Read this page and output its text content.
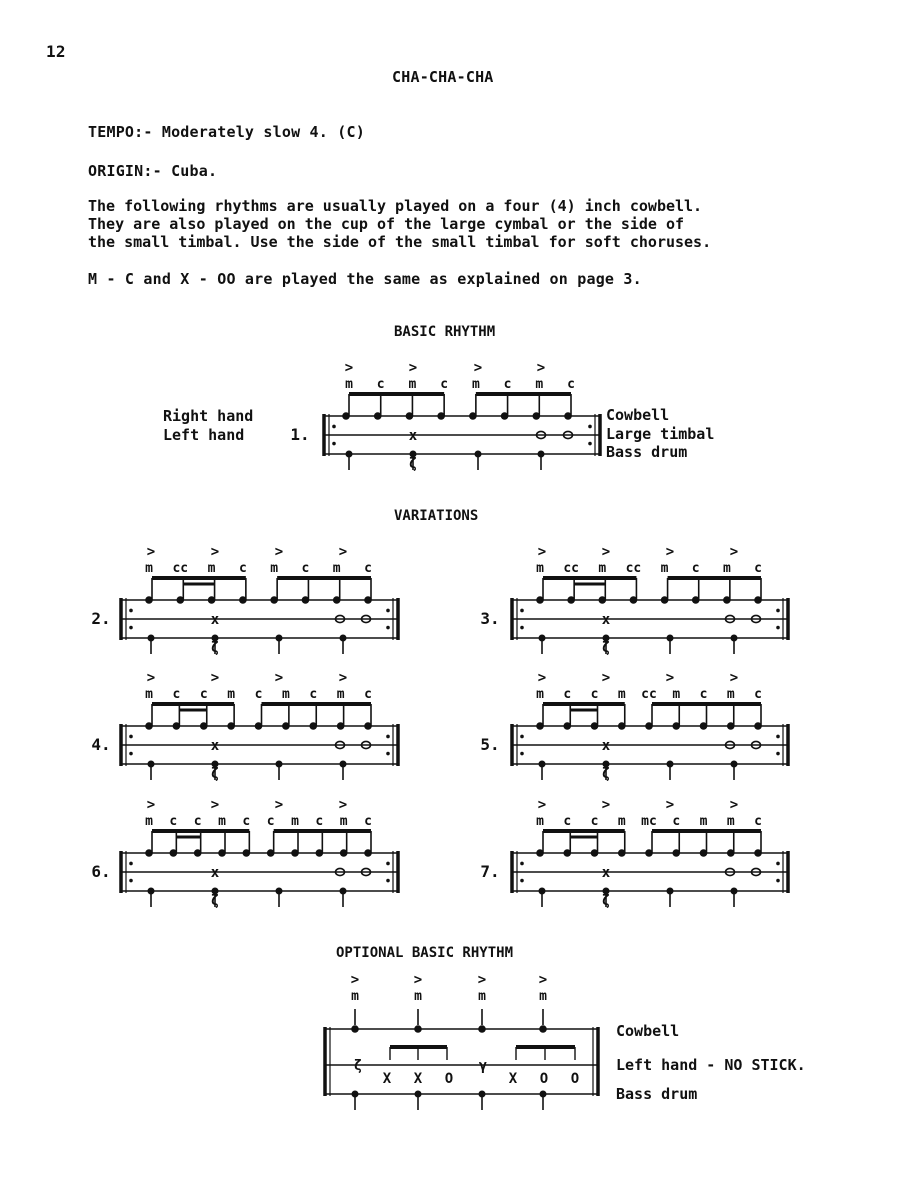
12
CHA-CHA-CHA
TEMPO:- Moderately slow 4. (C)
ORIGIN:- Cuba.
The following rhythms are usually played on a four (4) inch cowbell.
They are also played on the cup of the large cymbal or the side of
the small timbal. Use the side of the small timbal for soft choruses.
M - C and X - OO are played the same as explained on page 3.
BASIC RHYTHM
VARIATIONS
OPTIONAL BASIC RHYTHM
Right hand
Left hand
Cowbell
Large timbal
Bass drum
Cowbell
Left hand - NO STICK.
Bass drum
m c m c m c m c
>	>	>	>
x
ζ
1.
m cc m c m c m c
>	>	>	>
x
ζ
2.
m cc m cc m c m c
>	>	>	>
x
ζ
3.
m c c m c m c m c
>	>	>	>
x
ζ
4.
m c c m cc m c m c
>	>	>	>
x
ζ
5.
m c c m c c m c m c
>	>	>	>
x
ζ
6.
m c c m mc c m m c
>	>	>	>
x
ζ
7.
m
>
m
>
m
>
m
>
X X O	X O O
ζ	γ
